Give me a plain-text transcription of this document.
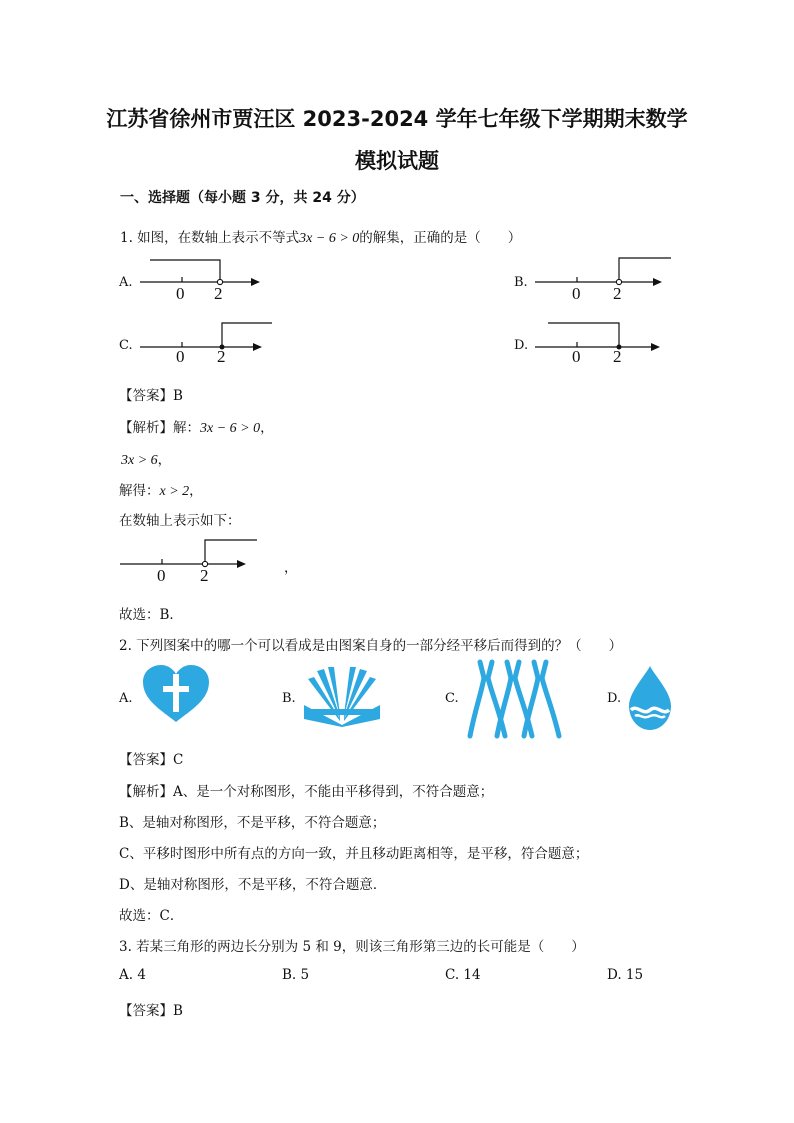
江苏省徐州市贾汪区 2023-2024 学年七年级下学期期末数学
模拟试题
一、选择题（每小题 3 分，共 24 分）
1. 如图，在数轴上表示不等式3x − 6 > 0的解集，正确的是（　　）
A.
0 2
B.
0 2
C.
0 2
D.
0 2
【答案】B
【解析】解：3x − 6 > 0，
3x > 6，
解得：x > 2，
在数轴上表示如下：
0 2	，
故选：B．
2. 下列图案中的哪一个可以看成是由图案自身的一部分经平移后而得到的？（　　）
A.	B.	C.	D.
【答案】C
【解析】A、是一个对称图形，不能由平移得到，不符合题意；
B、是轴对称图形，不是平移，不符合题意；
C、平移时图形中所有点的方向一致，并且移动距离相等，是平移，符合题意；
D、是轴对称图形，不是平移，不符合题意．
故选：C．
3. 若某三角形的两边长分别为 5 和 9，则该三角形第三边的长可能是（　　）
A. 4	B. 5	C. 14	D. 15
【答案】B
